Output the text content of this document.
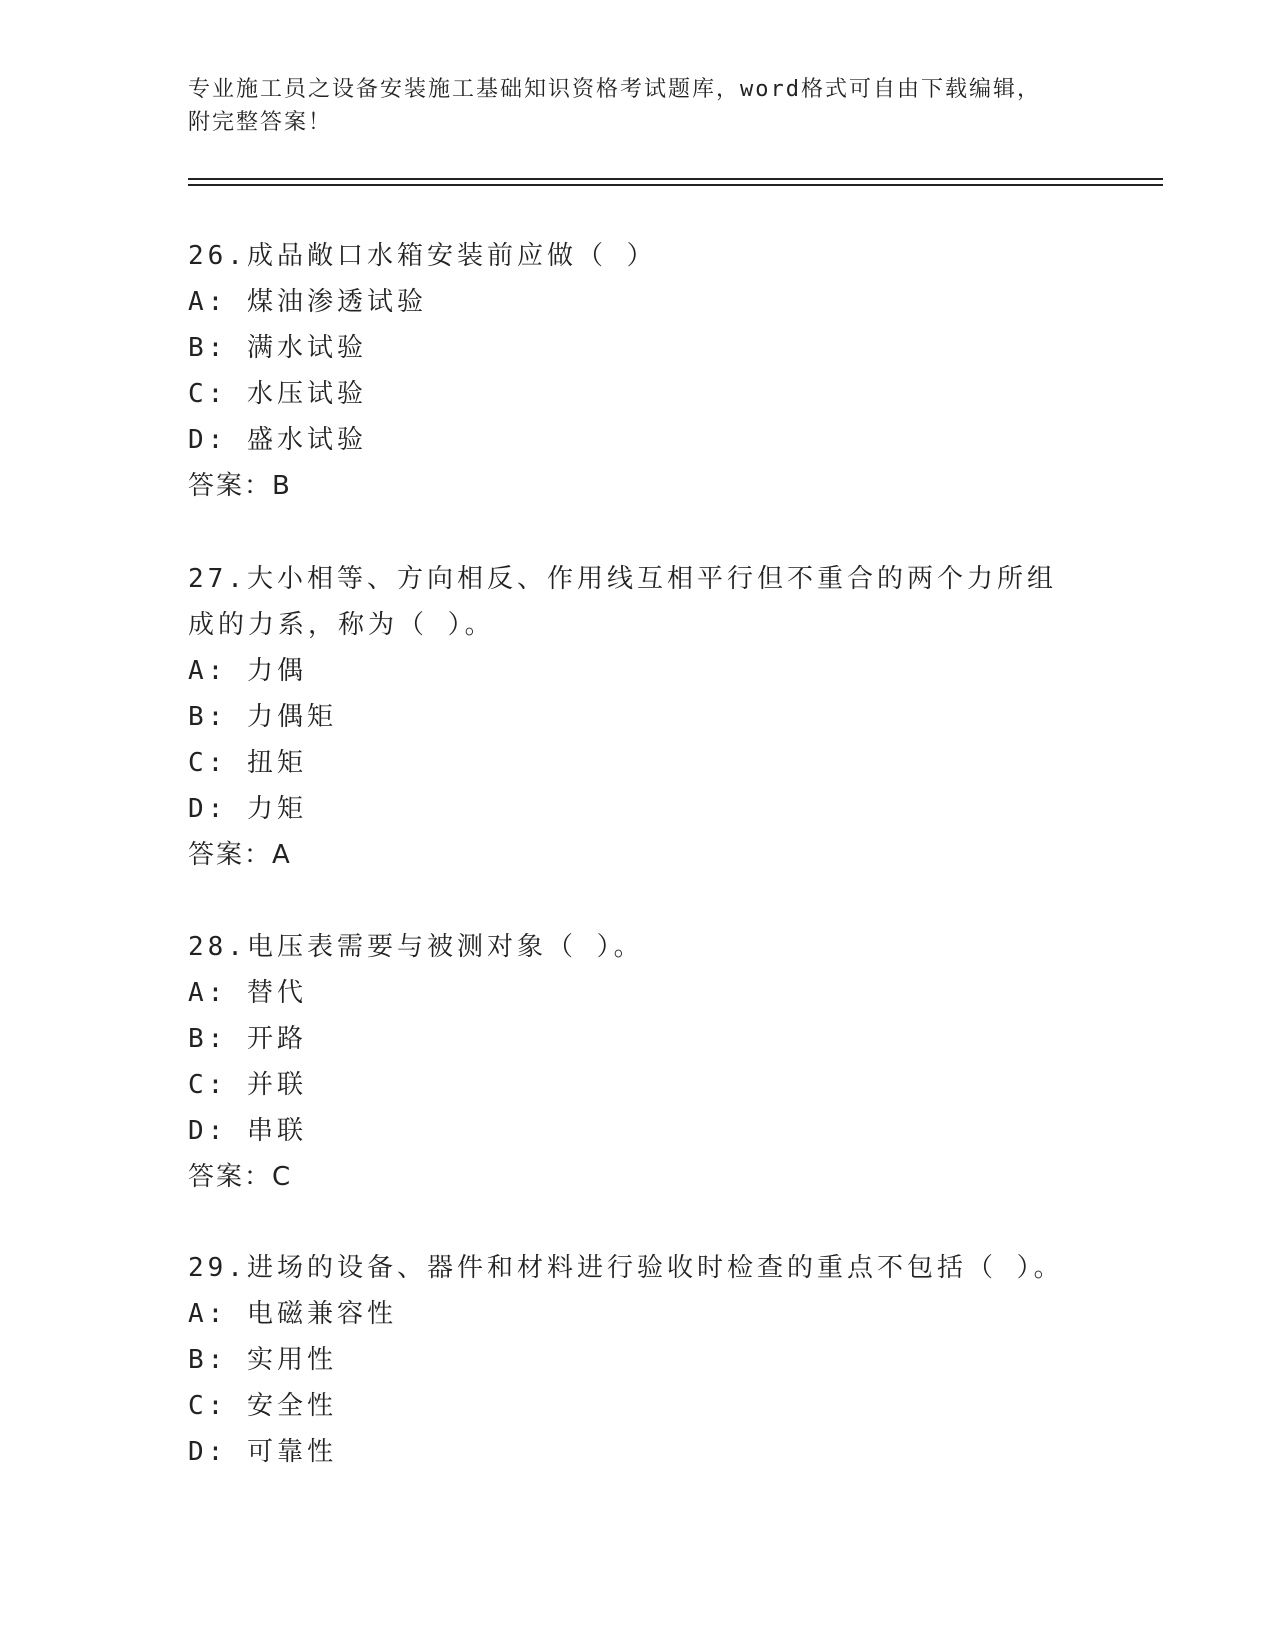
专业施工员之设备安装施工基础知识资格考试题库，word格式可自由下载编辑，
附完整答案！
26.成品敞口水箱安装前应做（ ）
A: 煤油渗透试验
B: 满水试验
C: 水压试验
D: 盛水试验
答案：B
27.大小相等、方向相反、作用线互相平行但不重合的两个力所组成的力系，称为（ ）。
A: 力偶
B: 力偶矩
C: 扭矩
D: 力矩
答案：A
28.电压表需要与被测对象（ ）。
A: 替代
B: 开路
C: 并联
D: 串联
答案：C
29.进场的设备、器件和材料进行验收时检查的重点不包括（ ）。
A: 电磁兼容性
B: 实用性
C: 安全性
D: 可靠性
